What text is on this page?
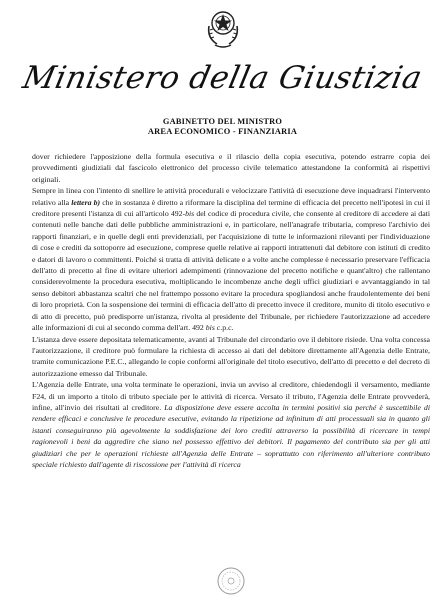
Ministero della Giustizia
GABINETTO DEL MINISTRO
AREA ECONOMICO - FINANZIARIA

dover richiedere l'apposizione della formula esecutiva e il rilascio della copia esecutiva, potendo estrarre copia dei provvedimenti giudiziali dal fascicolo elettronico del processo civile telematico attestandone la conformità ai rispettivi originali.

Sempre in linea con l'intento di snellire le attività procedurali e velocizzare l'attività di esecuzione deve inquadrarsi l'intervento relativo alla lettera b) che in sostanza è diretto a riformare la disciplina del termine di efficacia del precetto nell'ipotesi in cui il creditore presenti l'istanza di cui all'articolo 492-bis del codice di procedura civile, che consente al creditore di accedere ai dati contenuti nelle banche dati delle pubbliche amministrazioni e, in particolare, nell'anagrafe tributaria, compreso l'archivio dei rapporti finanziari, e in quelle degli enti previdenziali, per l'acquisizione di tutte le informazioni rilevanti per l'individuazione di cose e crediti da sottoporre ad esecuzione, comprese quelle relative ai rapporti intrattenuti dal debitore con istituti di credito e datori di lavoro o committenti. Poiché si tratta di attività delicate e a volte anche complesse è necessario preservare l'efficacia dell'atto di precetto al fine di evitare ulteriori adempimenti (rinnovazione del precetto notifiche e quant'altro) che rallentano considerevolmente la procedura esecutiva, moltiplicando le incombenze anche degli uffici giudiziari e avvantaggiando in tal senso debitori abbastanza scaltri che nel frattempo possono evitare la procedura spogliandosi anche fraudolentemente dei beni di loro proprietà. Con la sospensione dei termini di efficacia dell'atto di precetto invece il creditore, munito di titolo esecutivo e di atto di precetto, può predisporre un'istanza, rivolta al presidente del Tribunale, per richiedere l'autorizzazione ad accedere alle informazioni di cui al secondo comma dell'art. 492 bis c.p.c.

L'istanza deve essere depositata telematicamente, avanti al Tribunale del circondario ove il debitore risiede. Una volta concessa l'autorizzazione, il creditore può formulare la richiesta di accesso ai dati del debitore direttamente all'Agenzia delle Entrate, tramite comunicazione P.E.C., allegando le copie conformi all'originale del titolo esecutivo, dell'atto di precetto e del decreto di autorizzazione emesso dal Tribunale.

L'Agenzia delle Entrate, una volta terminate le operazioni, invia un avviso al creditore, chiedendogli il versamento, mediante F24, di un importo a titolo di tributo speciale per le attività di ricerca. Versato il tributo, l'Agenzia delle Entrate provvederà, infine, all'invio dei risultati al creditore. La disposizione deve essere accolta in termini positivi sia perché è suscettibile di rendere efficaci e conclusive le procedure esecutive, evitando la ripetizione ad infinitum di atti processuali sia in quanto gli istanti conseguiranno più agevolmente la soddisfazione dei loro crediti attraverso la possibilità di ricercare in tempi ragionevoli i beni da aggredire che siano nel possesso effettivo dei debitori. Il pagamento del contributo sia per gli atti giudiziari che per le operazioni richieste all'Agenzia delle Entrate – soprattutto con riferimento all'ulteriore contributo speciale richiesto dall'agente di riscossione per l'attività di ricerca
